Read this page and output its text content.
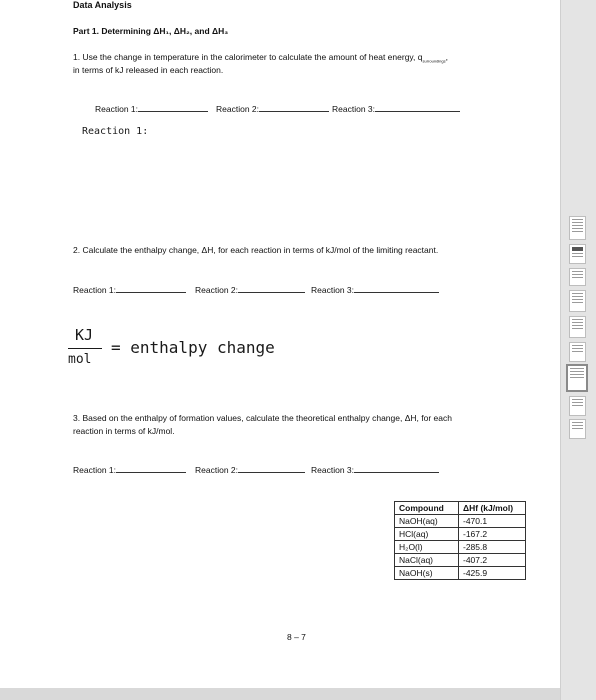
Data Analysis
Part 1. Determining ΔH₁, ΔH₂, and ΔH₃
1. Use the change in temperature in the calorimeter to calculate the amount of heat energy, $q_{surroundings}$,
in terms of kJ released in each reaction.
Reaction 1:	Reaction 2:	Reaction 3:
Reaction 1:
2. Calculate the enthalpy change, ΔH, for each reaction in terms of kJ/mol of the limiting reactant.
Reaction 1:	Reaction 2:	Reaction 3:
KJ
mol
= enthalpy change
3. Based on the enthalpy of formation values, calculate the theoretical enthalpy change, ΔH, for each
reaction in terms of kJ/mol.
Reaction 1:	Reaction 2:	Reaction 3:
Compound	ΔHf (kJ/mol)
NaOH(aq)	-470.1
HCl(aq)	-167.2
H₂O(l)	-285.8
NaCl(aq)	-407.2
NaOH(s)	-425.9
8 – 7
